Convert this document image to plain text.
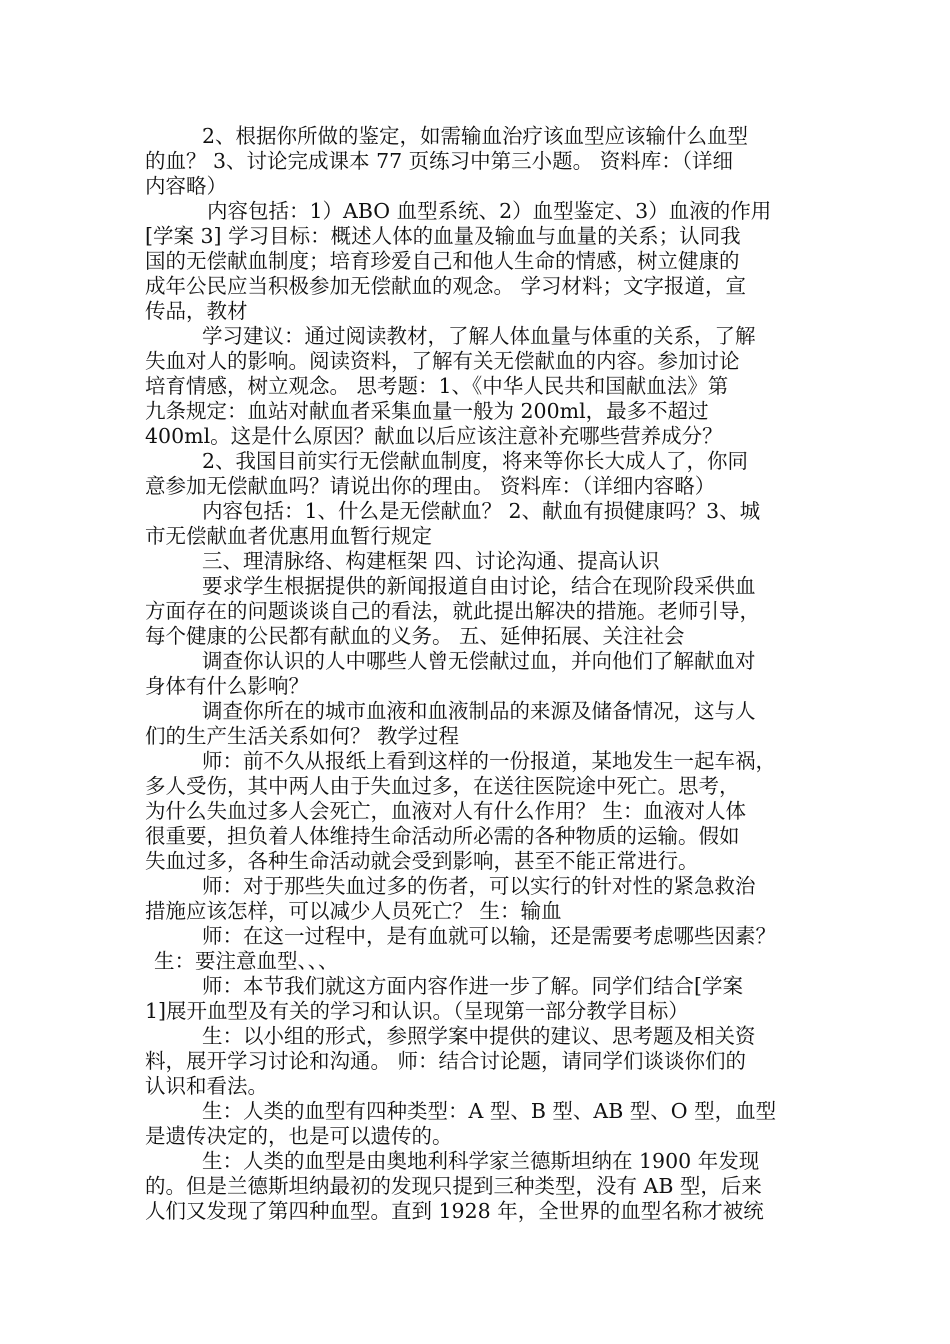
2、根据你所做的鉴定，如需输血治疗该血型应该输什么血型
的血？ 3、讨论完成课本 77 页练习中第三小题。 资料库：（详细
内容略）
内容包括：1）ABO 血型系统、2）血型鉴定、3）血液的作用
[学案 3] 学习目标：概述人体的血量及输血与血量的关系；认同我
国的无偿献血制度；培育珍爱自己和他人生命的情感，树立健康的
成年公民应当积极参加无偿献血的观念。 学习材料；文字报道，宣
传品，教材
学习建议：通过阅读教材，了解人体血量与体重的关系，了解
失血对人的影响。阅读资料，了解有关无偿献血的内容。参加讨论
培育情感，树立观念。 思考题：1、《中华人民共和国献血法》第
九条规定：血站对献血者采集血量一般为 200ml，最多不超过
400ml。这是什么原因？献血以后应该注意补充哪些营养成分？
2、我国目前实行无偿献血制度，将来等你长大成人了，你同
意参加无偿献血吗？请说出你的理由。 资料库：（详细内容略）
内容包括：1、什么是无偿献血？ 2、献血有损健康吗？3、城
市无偿献血者优惠用血暂行规定
三、理清脉络、构建框架 四、讨论沟通、提高认识
要求学生根据提供的新闻报道自由讨论，结合在现阶段采供血
方面存在的问题谈谈自己的看法，就此提出解决的措施。老师引导，
每个健康的公民都有献血的义务。 五、延伸拓展、关注社会
调查你认识的人中哪些人曾无偿献过血，并向他们了解献血对
身体有什么影响？
调查你所在的城市血液和血液制品的来源及储备情况，这与人
们的生产生活关系如何？ 教学过程
师：前不久从报纸上看到这样的一份报道，某地发生一起车祸，
多人受伤，其中两人由于失血过多，在送往医院途中死亡。思考，
为什么失血过多人会死亡，血液对人有什么作用？ 生：血液对人体
很重要，担负着人体维持生命活动所必需的各种物质的运输。假如
失血过多，各种生命活动就会受到影响，甚至不能正常进行。
师：对于那些失血过多的伤者，可以实行的针对性的紧急救治
措施应该怎样，可以减少人员死亡？ 生：输血
师：在这一过程中，是有血就可以输，还是需要考虑哪些因素？
生：要注意血型、、、
师：本节我们就这方面内容作进一步了解。同学们结合[学案
1]展开血型及有关的学习和认识。（呈现第一部分教学目标）
生：以小组的形式，参照学案中提供的建议、思考题及相关资
料，展开学习讨论和沟通。 师：结合讨论题，请同学们谈谈你们的
认识和看法。
生：人类的血型有四种类型：A 型、B 型、AB 型、O 型，血型
是遗传决定的，也是可以遗传的。
生：人类的血型是由奥地利科学家兰德斯坦纳在 1900 年发现
的。但是兰德斯坦纳最初的发现只提到三种类型，没有 AB 型，后来
人们又发现了第四种血型。直到 1928 年，全世界的血型名称才被统
